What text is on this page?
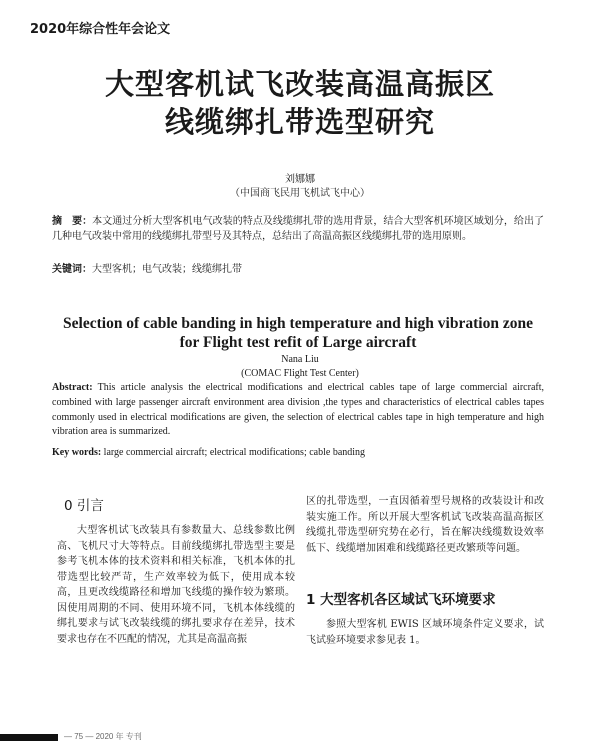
2020年综合性年会论文
大型客机试飞改装高温高振区
线缆绑扎带选型研究
刘娜娜
（中国商飞民用飞机试飞中心）
摘　要：本文通过分析大型客机电气改装的特点及线缆绑扎带的选用背景，结合大型客机环境区域划分，给出了几种电气改装中常用的线缆绑扎带型号及其特点，总结出了高温高振区线缆绑扎带的选用原则。
关键词：大型客机；电气改装；线缆绑扎带
Selection of cable banding in high temperature and high vibration zone for Flight test refit of Large aircraft
Nana Liu
(COMAC Flight Test Center)
Abstract: This article analysis the electrical modifications and electrical cables tape of large commercial aircraft, combined with large passenger aircraft environment area division ,the types and characteristics of electrical cables tapes commonly used in electrical modifications are given, the selection of electrical cables tape in high temperature and high vibration area is summarized.
Key words: large commercial aircraft; electrical modifications; cable banding
0 引言
大型客机试飞改装具有参数量大、总线参数比例高、飞机尺寸大等特点。目前线缆绑扎带选型主要是参考飞机本体的技术资料和相关标准，飞机本体的扎带选型比较严苛，生产效率较为低下，使用成本较高，且更改线缆路径和增加飞线缆的操作较为繁琐。因使用周期的不同、使用环境不同，飞机本体线缆的绑扎要求与试飞改装线缆的绑扎要求存在差异，技术要求也存在不匹配的情况，尤其是高温高振
区的扎带选型，一直因循着型号规格的改装设计和改装实施工作。所以开展大型客机试飞改装高温高振区线缆扎带选型研究势在必行，旨在解决线缆数设效率低下、线缆增加困难和线缆路径更改繁琐等问题。
1 大型客机各区域试飞环境要求
参照大型客机 EWIS 区域环境条件定义要求，试飞试验环境要求参见表 1。
— 75 — 2020 年 专刊
